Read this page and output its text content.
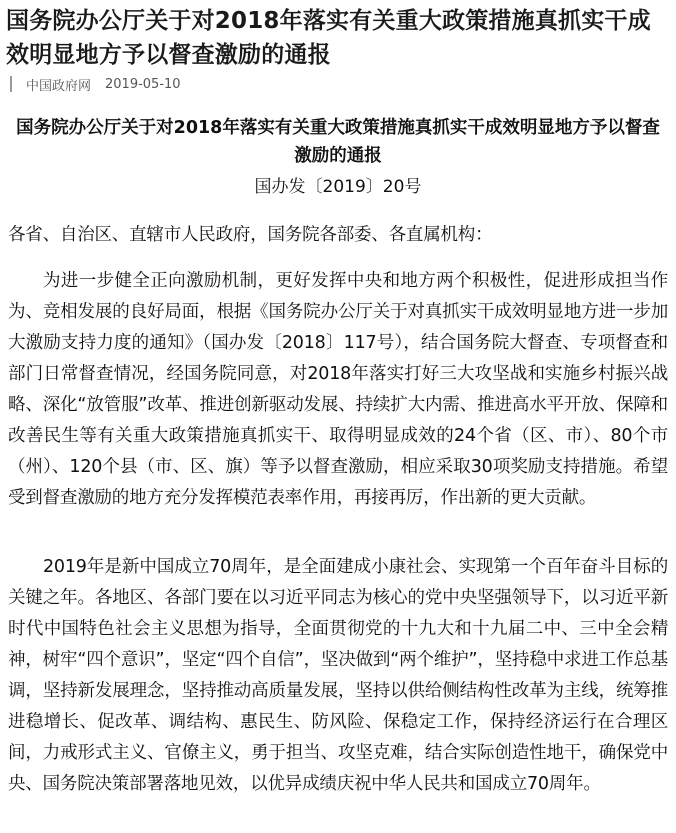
国务院办公厅关于对2018年落实有关重大政策措施真抓实干成效明显地方予以督查激励的通报
中国政府网 2019-05-10
国务院办公厅关于对2018年落实有关重大政策措施真抓实干成效明显地方予以督查激励的通报
国办发〔2019〕20号

各省、自治区、直辖市人民政府，国务院各部委、各直属机构：

为进一步健全正向激励机制，更好发挥中央和地方两个积极性，促进形成担当作为、竞相发展的良好局面，根据《国务院办公厅关于对真抓实干成效明显地方进一步加大激励支持力度的通知》（国办发〔2018〕117号），结合国务院大督查、专项督查和部门日常督查情况，经国务院同意，对2018年落实打好三大攻坚战和实施乡村振兴战略、深化“放管服”改革、推进创新驱动发展、持续扩大内需、推进高水平开放、保障和改善民生等有关重大政策措施真抓实干、取得明显成效的24个省（区、市）、80个市（州）、120个县（市、区、旗）等予以督查激励，相应采取30项奖励支持措施。希望受到督查激励的地方充分发挥模范表率作用，再接再厉，作出新的更大贡献。

2019年是新中国成立70周年，是全面建成小康社会、实现第一个百年奋斗目标的关键之年。各地区、各部门要在以习近平同志为核心的党中央坚强领导下，以习近平新时代中国特色社会主义思想为指导，全面贯彻党的十九大和十九届二中、三中全会精神，树牢“四个意识”，坚定“四个自信”，坚决做到“两个维护”，坚持稳中求进工作总基调，坚持新发展理念，坚持推动高质量发展，坚持以供给侧结构性改革为主线，统筹推进稳增长、促改革、调结构、惠民生、防风险、保稳定工作，保持经济运行在合理区间，力戒形式主义、官僚主义，勇于担当、攻坚克难，结合实际创造性地干，确保党中央、国务院决策部署落地见效，以优异成绩庆祝中华人民共和国成立70周年。
